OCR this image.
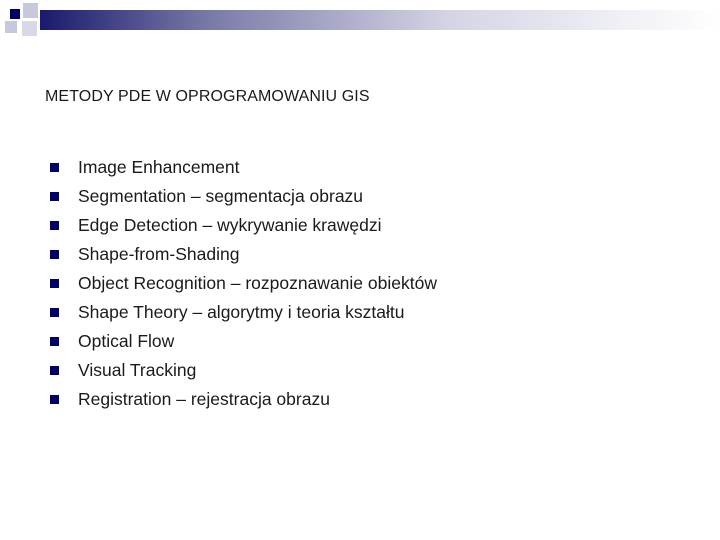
METODY PDE W OPROGRAMOWANIU GIS
Image Enhancement
Segmentation – segmentacja obrazu
Edge Detection – wykrywanie krawędzi
Shape-from-Shading
Object Recognition – rozpoznawanie obiektów
Shape Theory – algorytmy i teoria kształtu
Optical Flow
Visual Tracking
Registration – rejestracja obrazu
